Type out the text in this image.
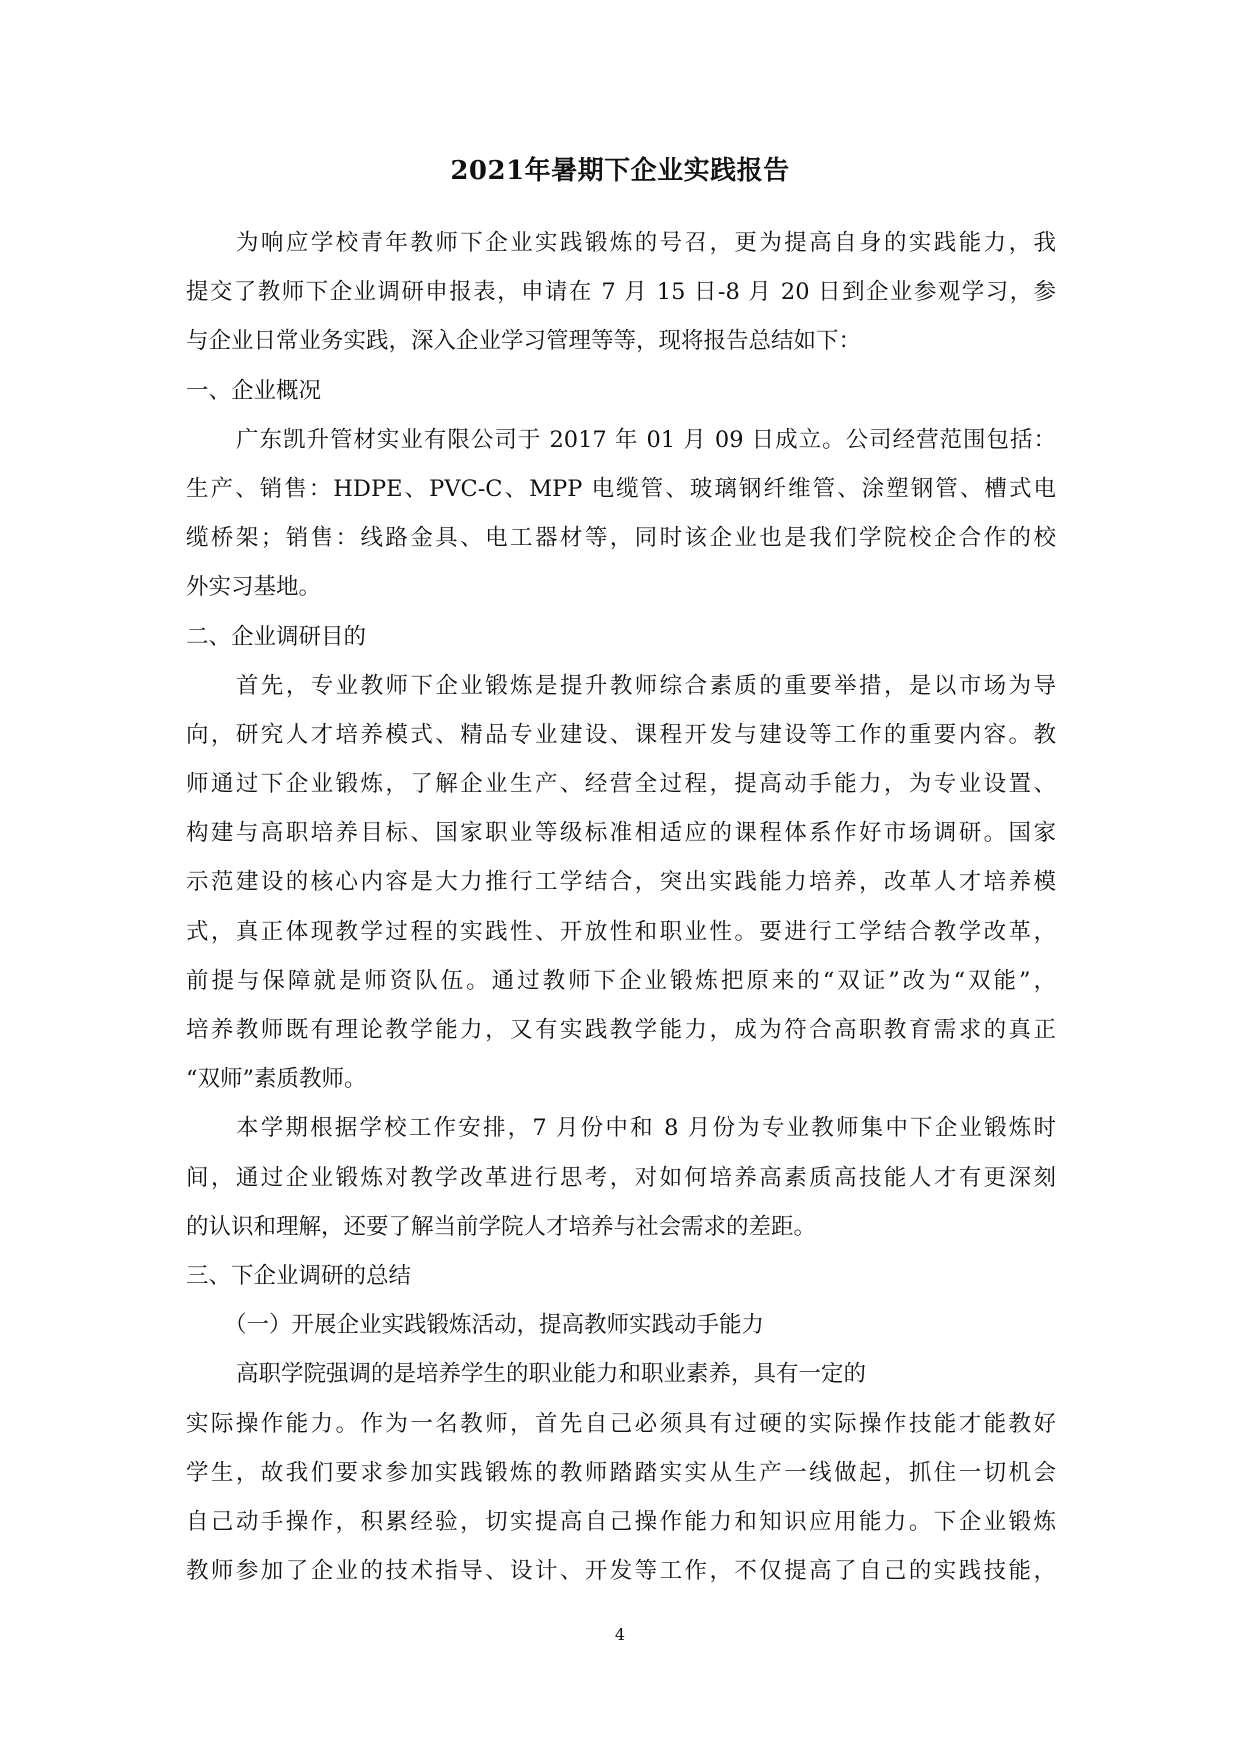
2021年暑期下企业实践报告
为响应学校青年教师下企业实践锻炼的号召，更为提高自身的实践能力，我
提交了教师下企业调研申报表，申请在 7 月 15 日-8 月 20 日到企业参观学习，参
与企业日常业务实践，深入企业学习管理等等，现将报告总结如下：
一、企业概况
广东凯升管材实业有限公司于 2017 年 01 月 09 日成立。公司经营范围包括：
生产、销售：HDPE、PVC-C、MPP 电缆管、玻璃钢纤维管、涂塑钢管、槽式电
缆桥架；销售：线路金具、电工器材等，同时该企业也是我们学院校企合作的校
外实习基地。
二、企业调研目的
首先，专业教师下企业锻炼是提升教师综合素质的重要举措，是以市场为导
向，研究人才培养模式、精品专业建设、课程开发与建设等工作的重要内容。教
师通过下企业锻炼，了解企业生产、经营全过程，提高动手能力，为专业设置、
构建与高职培养目标、国家职业等级标准相适应的课程体系作好市场调研。国家
示范建设的核心内容是大力推行工学结合，突出实践能力培养，改革人才培养模
式，真正体现教学过程的实践性、开放性和职业性。要进行工学结合教学改革，
前提与保障就是师资队伍。通过教师下企业锻炼把原来的“双证”改为“双能”，
培养教师既有理论教学能力，又有实践教学能力，成为符合高职教育需求的真正
“双师”素质教师。
本学期根据学校工作安排，7 月份中和 8 月份为专业教师集中下企业锻炼时
间，通过企业锻炼对教学改革进行思考，对如何培养高素质高技能人才有更深刻
的认识和理解，还要了解当前学院人才培养与社会需求的差距。
三、下企业调研的总结
（一）开展企业实践锻炼活动，提高教师实践动手能力
高职学院强调的是培养学生的职业能力和职业素养，具有一定的
实际操作能力。作为一名教师，首先自己必须具有过硬的实际操作技能才能教好
学生，故我们要求参加实践锻炼的教师踏踏实实从生产一线做起，抓住一切机会
自己动手操作，积累经验，切实提高自己操作能力和知识应用能力。下企业锻炼
教师参加了企业的技术指导、设计、开发等工作，不仅提高了自己的实践技能，
4
